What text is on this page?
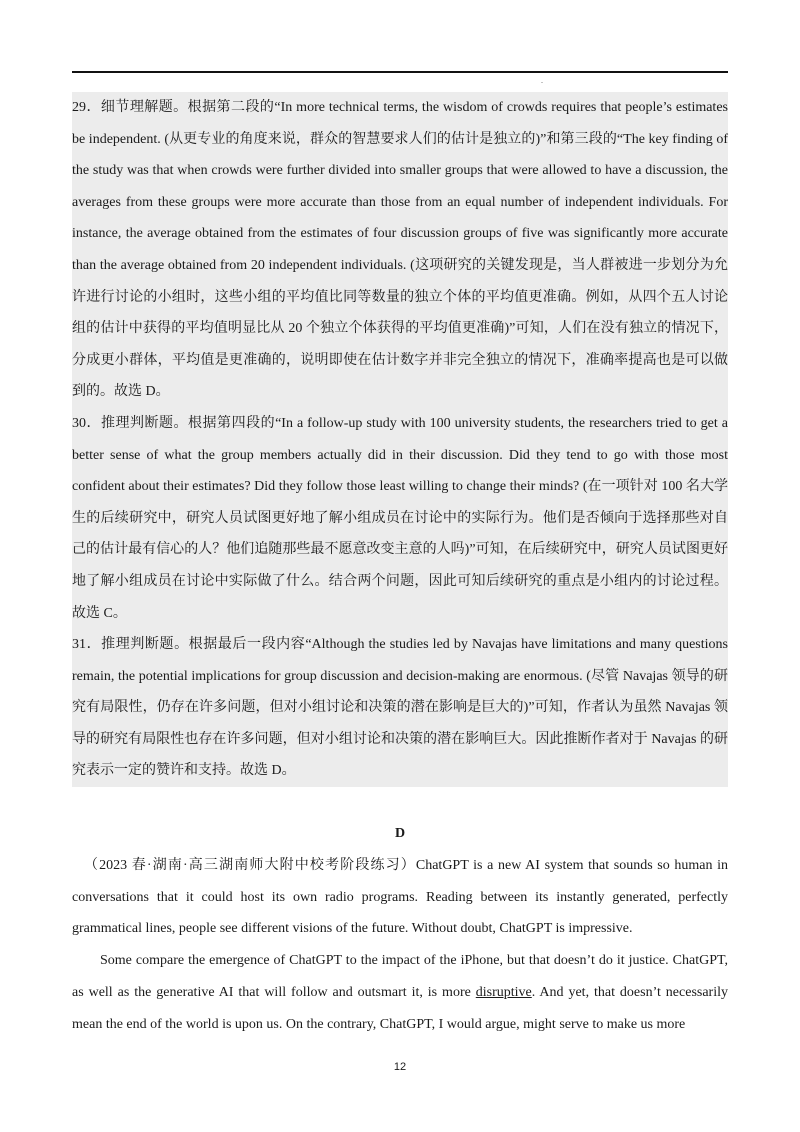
.

29．细节理解题。根据第二段的“In more technical terms, the wisdom of crowds requires that people’s estimates be independent. (从更专业的角度来说，群众的智慧要求人们的估计是独立的)”和第三段的“The key finding of the study was that when crowds were further divided into smaller groups that were allowed to have a discussion, the averages from these groups were more accurate than those from an equal number of independent individuals. For instance, the average obtained from the estimates of four discussion groups of five was significantly more accurate than the average obtained from 20 independent individuals. (这项研究的关键发现是，当人群被进一步划分为允许进行讨论的小组时，这些小组的平均值比同等数量的独立个体的平均值更准确。例如，从四个五人讨论组的估计中获得的平均值明显比从 20 个独立个体获得的平均值更准确)”可知，人们在没有独立的情况下，分成更小群体，平均值是更准确的，说明即使在估计数字并非完全独立的情况下，准确率提高也是可以做到的。故选 D。

30．推理判断题。根据第四段的“In a follow-up study with 100 university students, the researchers tried to get a better sense of what the group members actually did in their discussion. Did they tend to go with those most confident about their estimates? Did they follow those least willing to change their minds? (在一项针对 100 名大学生的后续研究中，研究人员试图更好地了解小组成员在讨论中的实际行为。他们是否倾向于选择那些对自己的估计最有信心的人？他们追随那些最不愿意改变主意的人吗)”可知，在后续研究中，研究人员试图更好地了解小组成员在讨论中实际做了什么。结合两个问题，因此可知后续研究的重点是小组内的讨论过程。故选 C。

31．推理判断题。根据最后一段内容“Although the studies led by Navajas have limitations and many questions remain, the potential implications for group discussion and decision-making are enormous. (尽管 Navajas 领导的研究有局限性，仍存在许多问题，但对小组讨论和决策的潜在影响是巨大的)”可知，作者认为虽然 Navajas 领导的研究有局限性也存在许多问题，但对小组讨论和决策的潜在影响巨大。因此推断作者对于 Navajas 的研究表示一定的赞许和支持。故选 D。

D

（2023 春·湖南·高三湖南师大附中校考阶段练习）ChatGPT is a new AI system that sounds so human in conversations that it could host its own radio programs. Reading between its instantly generated, perfectly grammatical lines, people see different visions of the future. Without doubt, ChatGPT is impressive.

Some compare the emergence of ChatGPT to the impact of the iPhone, but that doesn’t do it justice. ChatGPT, as well as the generative AI that will follow and outsmart it, is more disruptive. And yet, that doesn’t necessarily mean the end of the world is upon us. On the contrary, ChatGPT, I would argue, might serve to make us more

12
